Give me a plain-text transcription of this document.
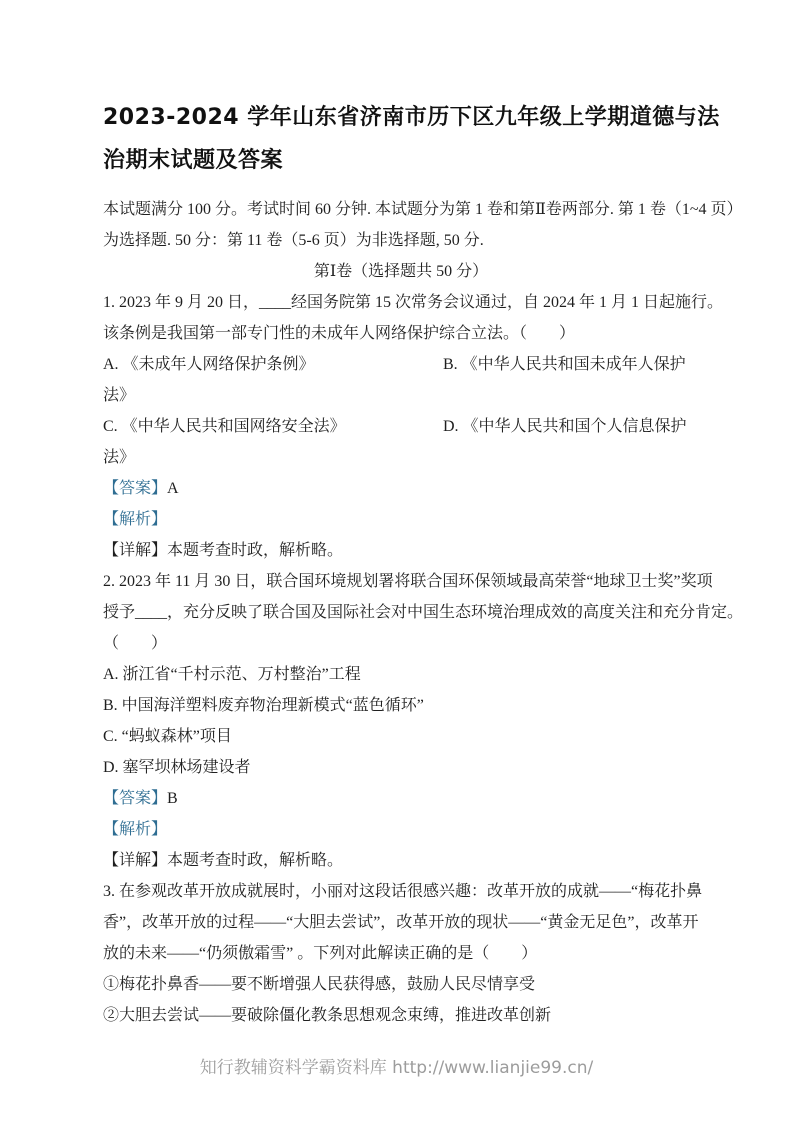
2023-2024 学年山东省济南市历下区九年级上学期道德与法
治期末试题及答案
本试题满分 100 分。考试时间 60 分钟. 本试题分为第 1 卷和第Ⅱ卷两部分. 第 1 卷（1~4 页）
为选择题. 50 分：第 11 卷（5-6 页）为非选择题, 50 分.
第Ⅰ卷（选择题共 50 分）
1. 2023 年 9 月 20 日，____经国务院第 15 次常务会议通过，自 2024 年 1 月 1 日起施行。
该条例是我国第一部专门性的未成年人网络保护综合立法。（　　）
A. 《未成年人网络保护条例》	B. 《中华人民共和国未成年人保护
法》
C. 《中华人民共和国网络安全法》	D. 《中华人民共和国个人信息保护
法》
【答案】A
【解析】
【详解】本题考查时政，解析略。
2. 2023 年 11 月 30 日，联合国环境规划署将联合国环保领域最高荣誉“地球卫士奖”奖项
授予____，充分反映了联合国及国际社会对中国生态环境治理成效的高度关注和充分肯定。
（　　）
A. 浙江省“千村示范、万村整治”工程
B. 中国海洋塑料废弃物治理新模式“蓝色循环”
C. “蚂蚁森林”项目
D. 塞罕坝林场建设者
【答案】B
【解析】
【详解】本题考查时政，解析略。
3. 在参观改革开放成就展时，小丽对这段话很感兴趣：改革开放的成就——“梅花扑鼻
香”，改革开放的过程——“大胆去尝试”，改革开放的现状——“黄金无足色”，改革开
放的未来——“仍须傲霜雪” 。下列对此解读正确的是（　　）
①梅花扑鼻香——要不断增强人民获得感，鼓励人民尽情享受
②大胆去尝试——要破除僵化教条思想观念束缚，推进改革创新
知行教辅资料学霸资料库 http://www.lianjie99.cn/
